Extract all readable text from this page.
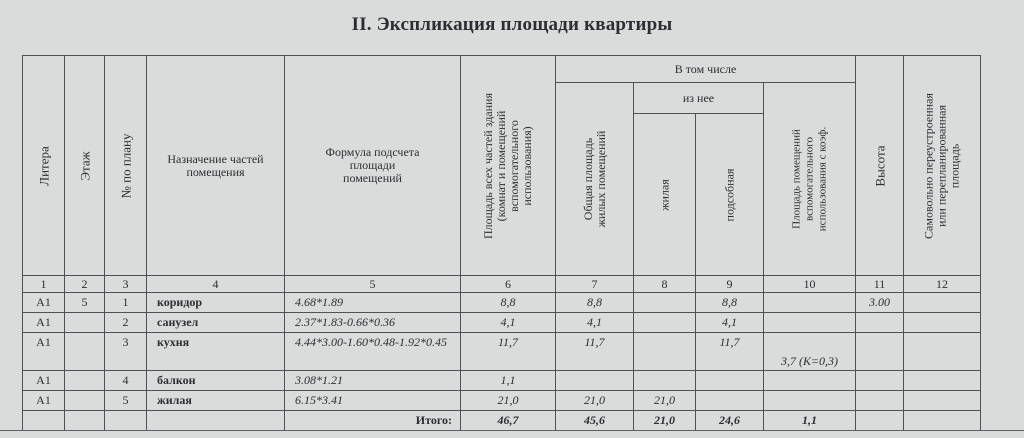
II. Экспликация площади квартиры
Литера	Этаж	№ по плану	Назначение частей помещения	Формула подсчета площади помещений	Площадь всех частей здания (комнат и помещений вспомогательного использования)	В том числе				Высота	Самовольно переустроенная или перепланированная площадь

						Общая площадь жилых помещений	из нее		Площадь помещений вспомогательного использования с коэф.		

							жилая	подсобная			

1	2	3	4	5	6	7	8	9	10	11	12
А1	5	1	коридор	4.68*1.89	8,8	8,8		8,8		3.00	
А1		2	санузел	2.37*1.83-0.66*0.36	4,1	4,1		4,1			
А1		3	кухня	4.44*3.00-1.60*0.48-1.92*0.45	11,7	11,7		11,7	3,7 (К=0,3)		
А1		4	балкон	3.08*1.21	1,1						
А1		5	жилая	6.15*3.41	21,0	21,0	21,0				
				Итого:	46,7	45,6	21,0	24,6	1,1		
